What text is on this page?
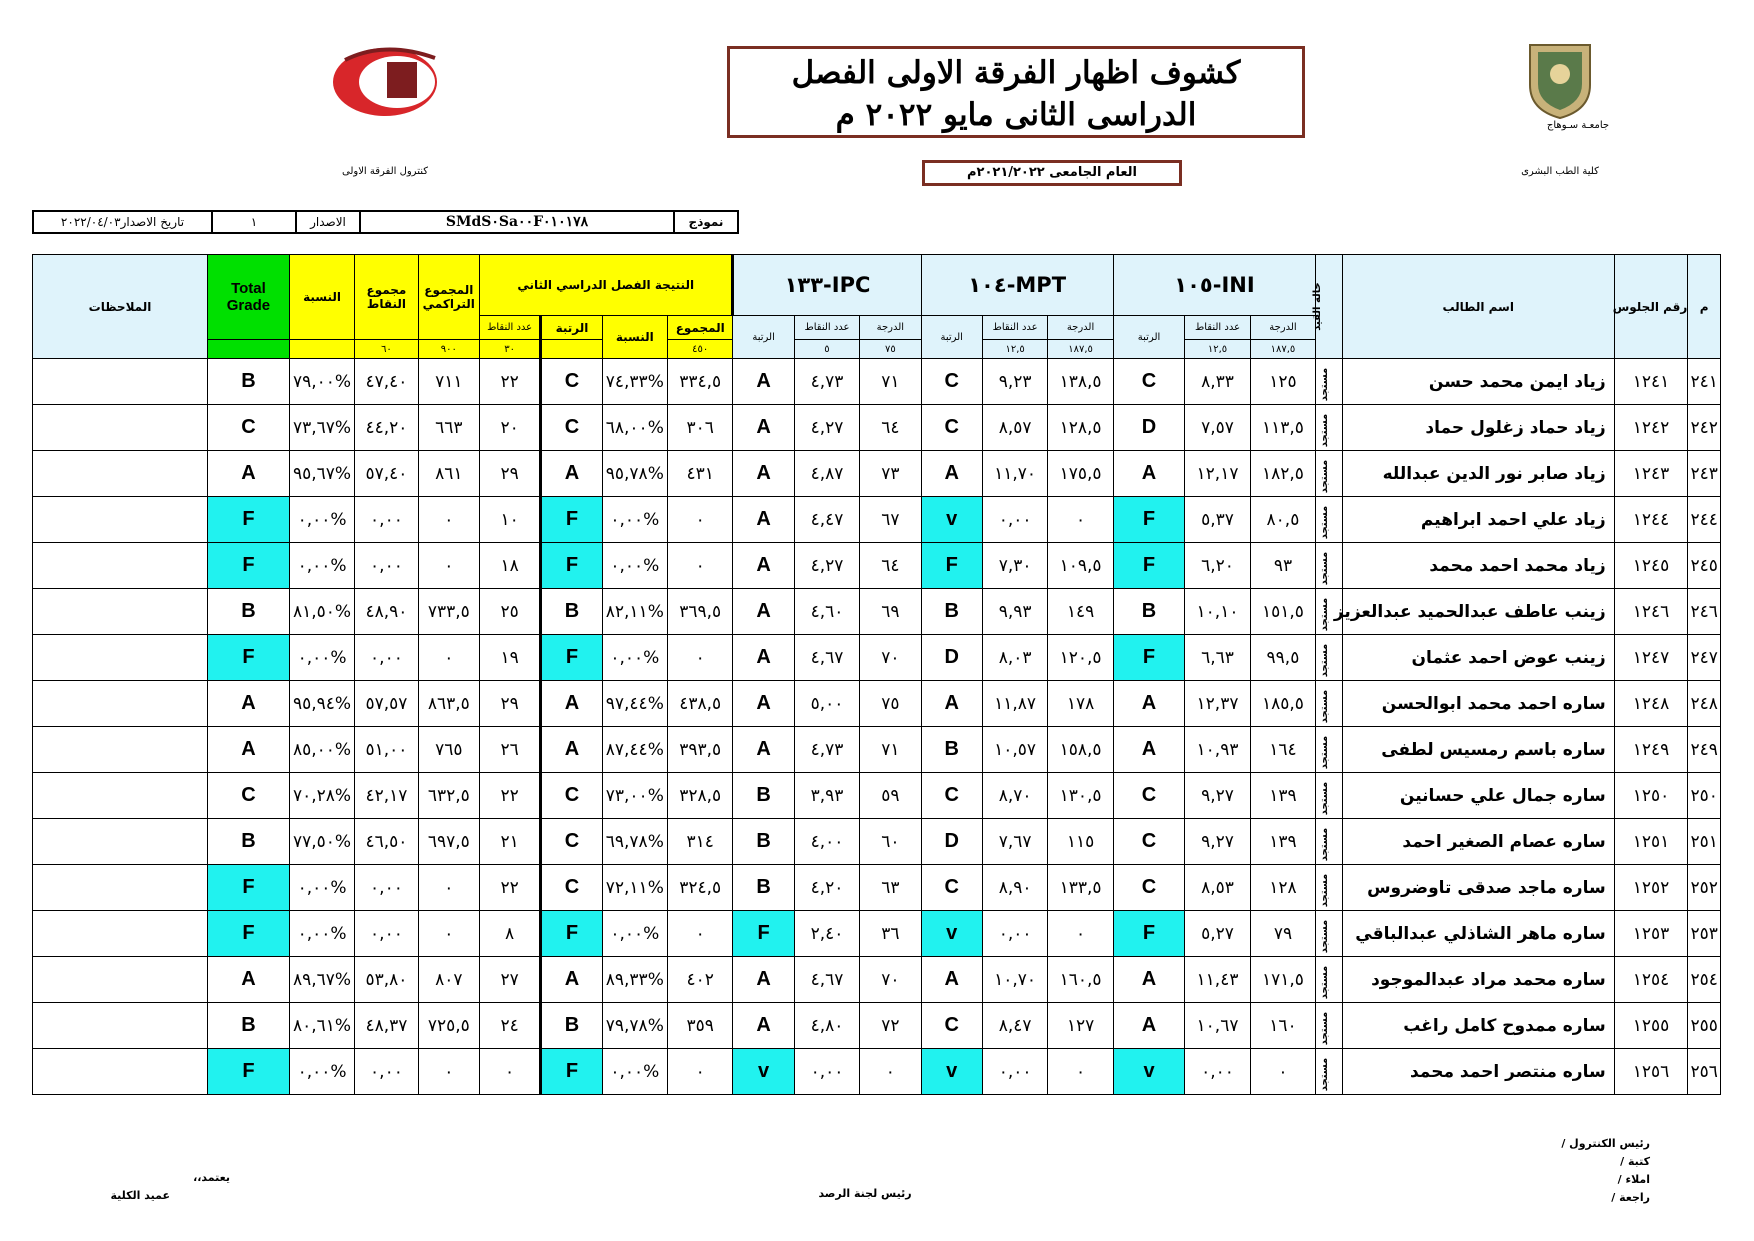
جامعـة سـوهاج
كلية الطب البشرى
كنترول الفرقة الاولى
كشوف اظهار الفرقة الاولى الفصل
الدراسى الثانى مايو ٢٠٢٢ م
العام الجامعى ٢٠٢١/٢٠٢٢م
تاريخ الاصدار٢٠٢٢/٠٤/٠٣	١	الاصدار	SMdS٠Sa٠٠F٠١٠١٧٨	نموذج
م	رقم الجلوس	اسم الطالب	حالة القيد	INI-١٠٥			MPT-١٠٤			IPC-١٣٣			النتيجة الفصل الدراسي الثاني				المجموع التراكمي	مجموع النقاط	النسبة	Total Grade	الملاحظات
				الدرجة	عدد النقاط	الرتبة	الدرجة	عدد النقاط	الرتبة	الدرجة	عدد النقاط	الرتبة	المجموع	النسبة	الرتبة	عدد النقاط					
				١٨٧,٥	١٢,٥		١٨٧,٥	١٢,٥		٧٥	٥		٤٥٠			٣٠	٩٠٠	٦٠			
٢٤١	١٢٤١	زياد ايمن محمد حسن	مستجد	١٢٥	٨,٣٣	C	١٣٨,٥	٩,٢٣	C	٧١	٤,٧٣	A	٣٣٤,٥	%٧٤,٣٣	C	٢٢	٧١١	٤٧,٤٠	%٧٩,٠٠	B	
٢٤٢	١٢٤٢	زياد حماد زغلول حماد	مستجد	١١٣,٥	٧,٥٧	D	١٢٨,٥	٨,٥٧	C	٦٤	٤,٢٧	A	٣٠٦	%٦٨,٠٠	C	٢٠	٦٦٣	٤٤,٢٠	%٧٣,٦٧	C	
٢٤٣	١٢٤٣	زياد صابر نور الدين عبدالله	مستجد	١٨٢,٥	١٢,١٧	A	١٧٥,٥	١١,٧٠	A	٧٣	٤,٨٧	A	٤٣١	%٩٥,٧٨	A	٢٩	٨٦١	٥٧,٤٠	%٩٥,٦٧	A	
٢٤٤	١٢٤٤	زياد علي احمد ابراهيم	مستجد	٨٠,٥	٥,٣٧	F	٠	٠,٠٠	v	٦٧	٤,٤٧	A	٠	%٠,٠٠	F	١٠	٠	٠,٠٠	%٠,٠٠	F	
٢٤٥	١٢٤٥	زياد محمد احمد محمد	مستجد	٩٣	٦,٢٠	F	١٠٩,٥	٧,٣٠	F	٦٤	٤,٢٧	A	٠	%٠,٠٠	F	١٨	٠	٠,٠٠	%٠,٠٠	F	
٢٤٦	١٢٤٦	زينب عاطف عبدالحميد عبدالعزيز	مستجد	١٥١,٥	١٠,١٠	B	١٤٩	٩,٩٣	B	٦٩	٤,٦٠	A	٣٦٩,٥	%٨٢,١١	B	٢٥	٧٣٣,٥	٤٨,٩٠	%٨١,٥٠	B	
٢٤٧	١٢٤٧	زينب عوض احمد عثمان	مستجد	٩٩,٥	٦,٦٣	F	١٢٠,٥	٨,٠٣	D	٧٠	٤,٦٧	A	٠	%٠,٠٠	F	١٩	٠	٠,٠٠	%٠,٠٠	F	
٢٤٨	١٢٤٨	ساره احمد محمد ابوالحسن	مستجد	١٨٥,٥	١٢,٣٧	A	١٧٨	١١,٨٧	A	٧٥	٥,٠٠	A	٤٣٨,٥	%٩٧,٤٤	A	٢٩	٨٦٣,٥	٥٧,٥٧	%٩٥,٩٤	A	
٢٤٩	١٢٤٩	ساره باسم رمسيس لطفى	مستجد	١٦٤	١٠,٩٣	A	١٥٨,٥	١٠,٥٧	B	٧١	٤,٧٣	A	٣٩٣,٥	%٨٧,٤٤	A	٢٦	٧٦٥	٥١,٠٠	%٨٥,٠٠	A	
٢٥٠	١٢٥٠	ساره جمال علي حسانين	مستجد	١٣٩	٩,٢٧	C	١٣٠,٥	٨,٧٠	C	٥٩	٣,٩٣	B	٣٢٨,٥	%٧٣,٠٠	C	٢٢	٦٣٢,٥	٤٢,١٧	%٧٠,٢٨	C	
٢٥١	١٢٥١	ساره عصام الصغير احمد	مستجد	١٣٩	٩,٢٧	C	١١٥	٧,٦٧	D	٦٠	٤,٠٠	B	٣١٤	%٦٩,٧٨	C	٢١	٦٩٧,٥	٤٦,٥٠	%٧٧,٥٠	B	
٢٥٢	١٢٥٢	ساره ماجد صدقى تاوضروس	مستجد	١٢٨	٨,٥٣	C	١٣٣,٥	٨,٩٠	C	٦٣	٤,٢٠	B	٣٢٤,٥	%٧٢,١١	C	٢٢	٠	٠,٠٠	%٠,٠٠	F	
٢٥٣	١٢٥٣	ساره ماهر الشاذلي عبدالباقي	مستجد	٧٩	٥,٢٧	F	٠	٠,٠٠	v	٣٦	٢,٤٠	F	٠	%٠,٠٠	F	٨	٠	٠,٠٠	%٠,٠٠	F	
٢٥٤	١٢٥٤	ساره محمد مراد عبدالموجود	مستجد	١٧١,٥	١١,٤٣	A	١٦٠,٥	١٠,٧٠	A	٧٠	٤,٦٧	A	٤٠٢	%٨٩,٣٣	A	٢٧	٨٠٧	٥٣,٨٠	%٨٩,٦٧	A	
٢٥٥	١٢٥٥	ساره ممدوح كامل راغب	مستجد	١٦٠	١٠,٦٧	A	١٢٧	٨,٤٧	C	٧٢	٤,٨٠	A	٣٥٩	%٧٩,٧٨	B	٢٤	٧٢٥,٥	٤٨,٣٧	%٨٠,٦١	B	
٢٥٦	١٢٥٦	ساره منتصر احمد محمد	مستجد	٠	٠,٠٠	v	٠	٠,٠٠	v	٠	٠,٠٠	v	٠	%٠,٠٠	F	٠	٠	٠,٠٠	%٠,٠٠	F	
رئيس الكنترول /
كتبة /
املاء /
راجعة /
رئيس لجنة الرصد
يعتمد،،
عميد الكلية
